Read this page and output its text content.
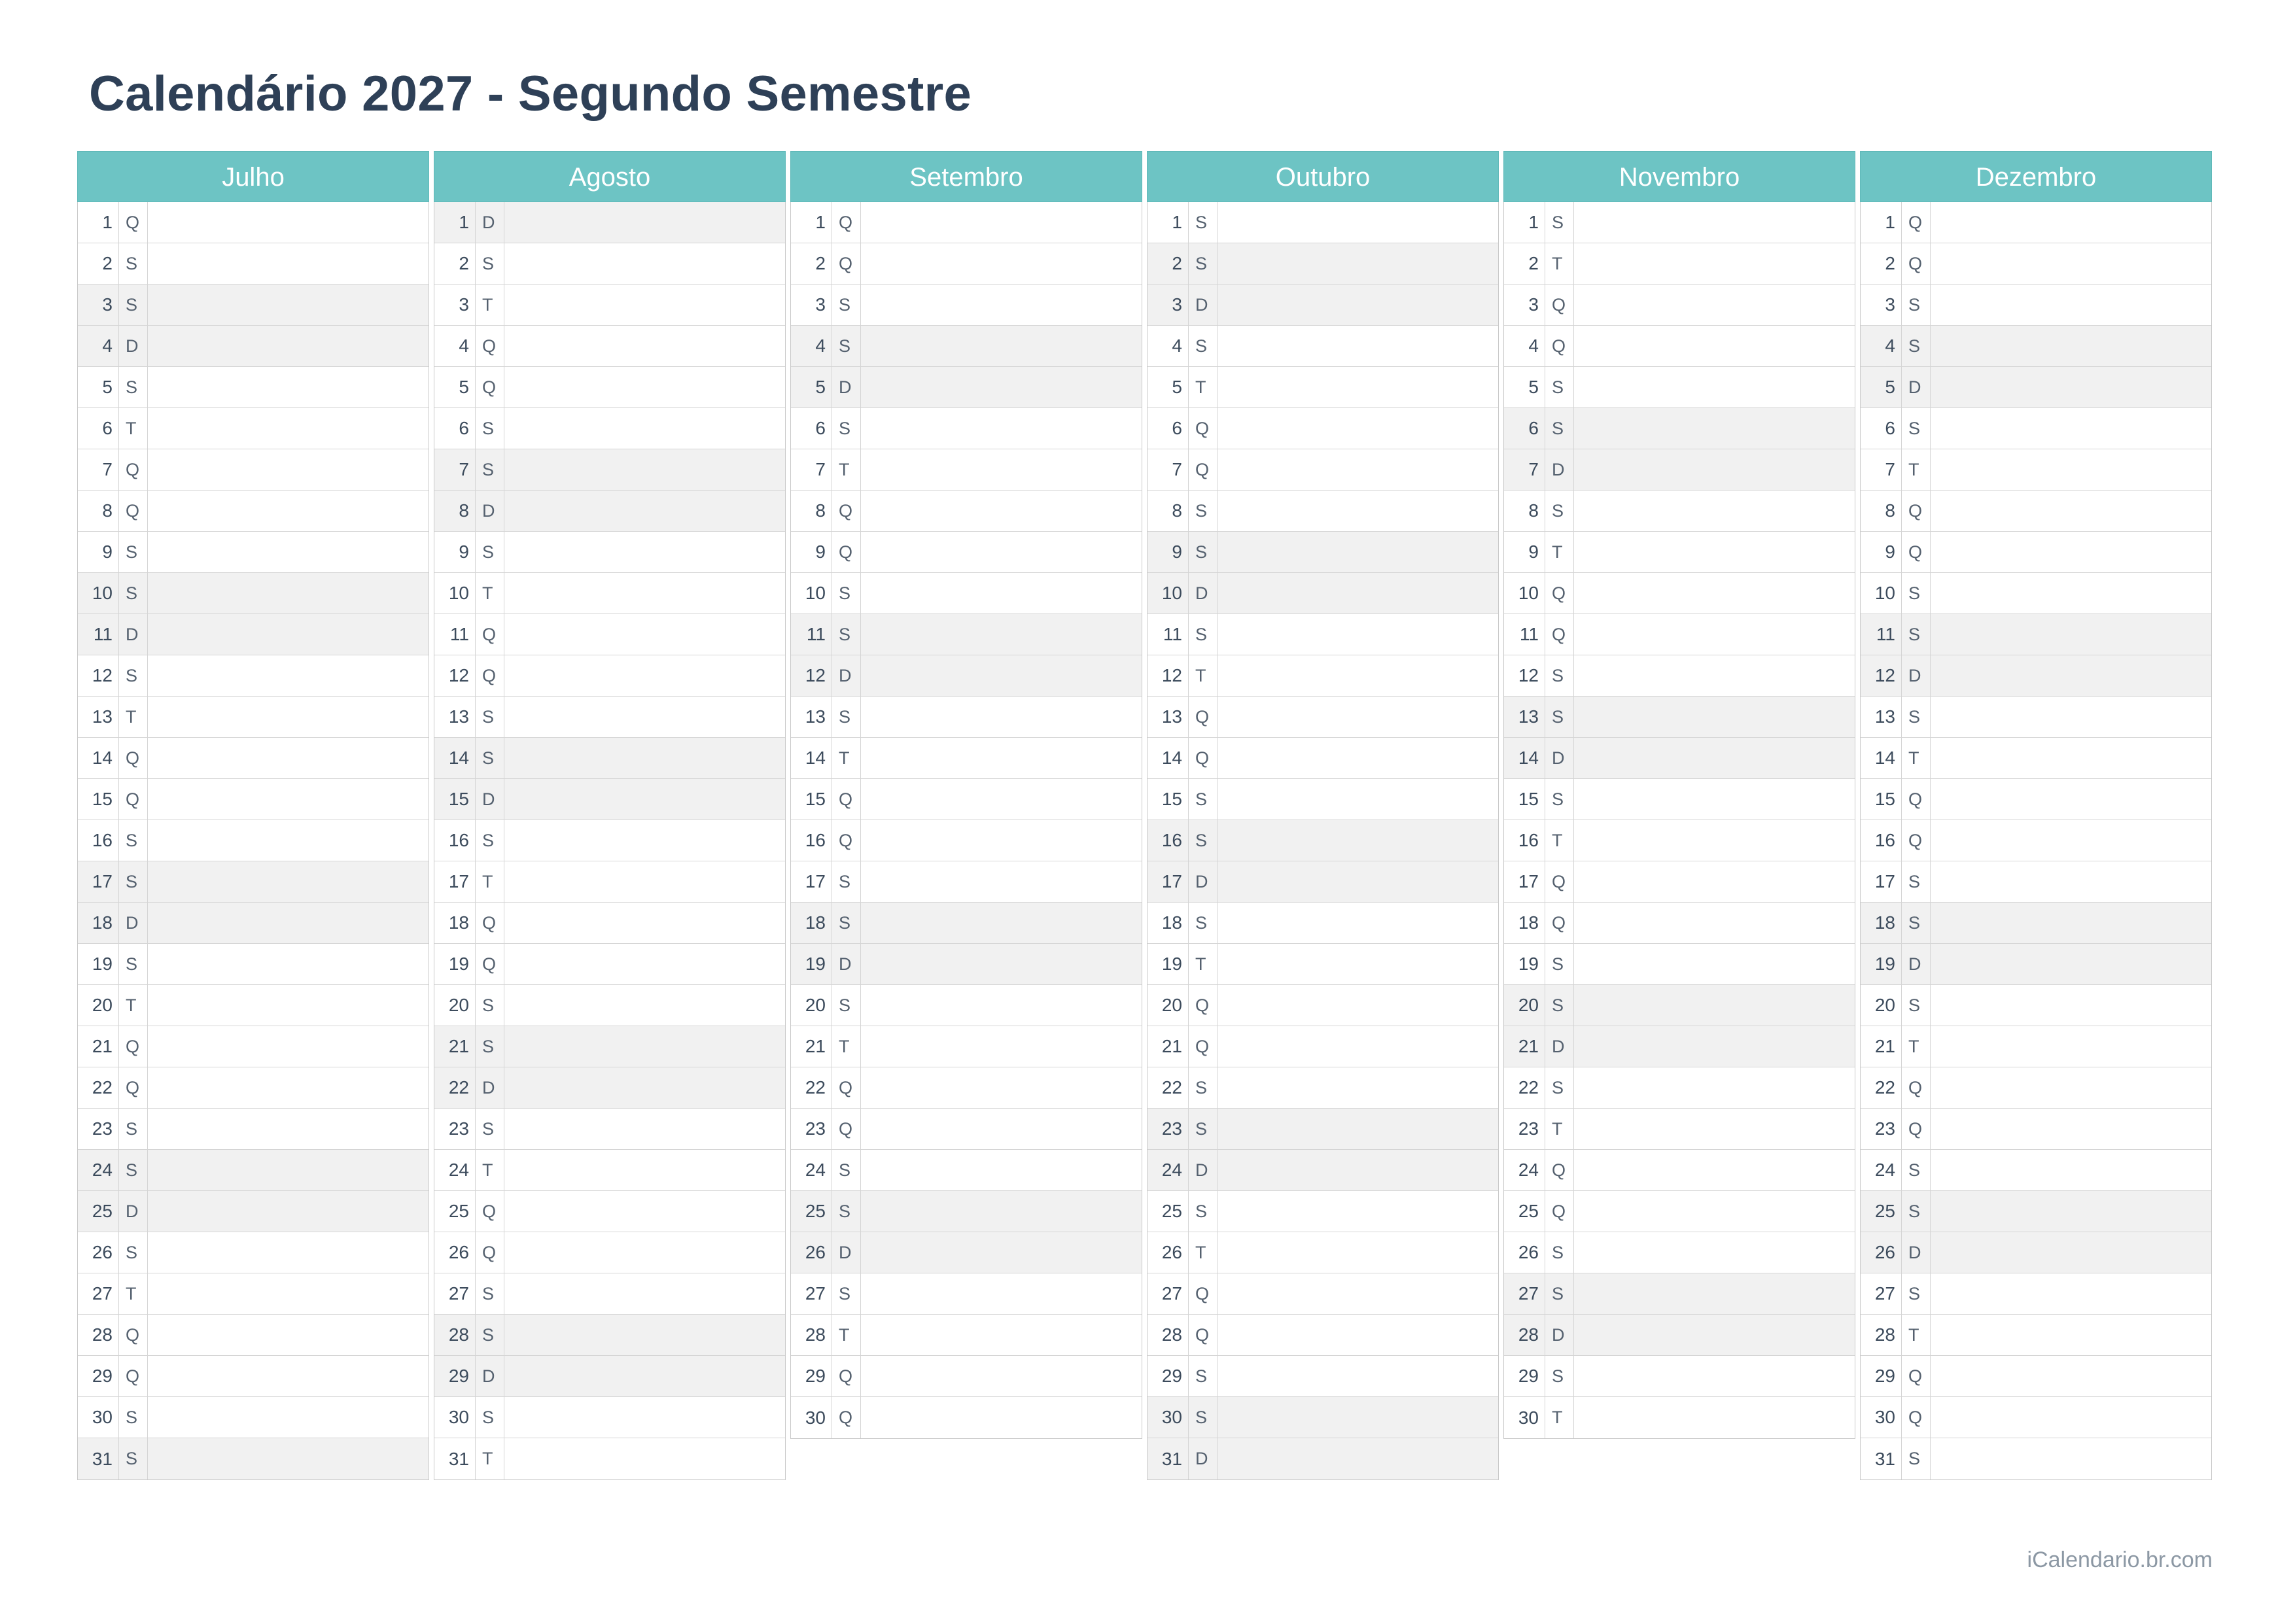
Calendário 2027 - Segundo Semestre
Julho
1 Q
2 S
3 S
4 D
5 S
6 T
7 Q
8 Q
9 S
10 S
11 D
12 S
13 T
14 Q
15 Q
16 S
17 S
18 D
19 S
20 T
21 Q
22 Q
23 S
24 S
25 D
26 S
27 T
28 Q
29 Q
30 S
31 S
Agosto
1 D
2 S
3 T
4 Q
5 Q
6 S
7 S
8 D
9 S
10 T
11 Q
12 Q
13 S
14 S
15 D
16 S
17 T
18 Q
19 Q
20 S
21 S
22 D
23 S
24 T
25 Q
26 Q
27 S
28 S
29 D
30 S
31 T
Setembro
1 Q
2 Q
3 S
4 S
5 D
6 S
7 T
8 Q
9 Q
10 S
11 S
12 D
13 S
14 T
15 Q
16 Q
17 S
18 S
19 D
20 S
21 T
22 Q
23 Q
24 S
25 S
26 D
27 S
28 T
29 Q
30 Q
Outubro
1 S
2 S
3 D
4 S
5 T
6 Q
7 Q
8 S
9 S
10 D
11 S
12 T
13 Q
14 Q
15 S
16 S
17 D
18 S
19 T
20 Q
21 Q
22 S
23 S
24 D
25 S
26 T
27 Q
28 Q
29 S
30 S
31 D
Novembro
1 S
2 T
3 Q
4 Q
5 S
6 S
7 D
8 S
9 T
10 Q
11 Q
12 S
13 S
14 D
15 S
16 T
17 Q
18 Q
19 S
20 S
21 D
22 S
23 T
24 Q
25 Q
26 S
27 S
28 D
29 S
30 T
Dezembro
1 Q
2 Q
3 S
4 S
5 D
6 S
7 T
8 Q
9 Q
10 S
11 S
12 D
13 S
14 T
15 Q
16 Q
17 S
18 S
19 D
20 S
21 T
22 Q
23 Q
24 S
25 S
26 D
27 S
28 T
29 Q
30 Q
31 S
iCalendario.br.com
